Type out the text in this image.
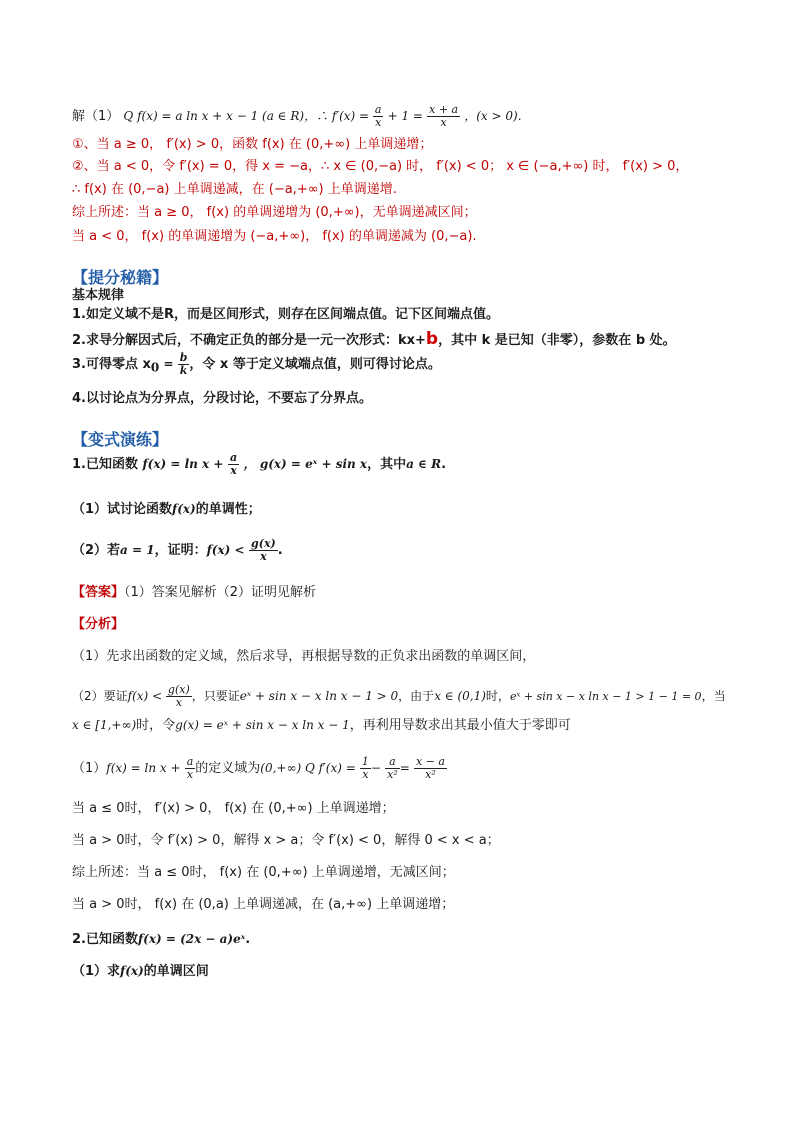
解（1） Q f(x) = a ln x + x − 1 (a ∈ R)，∴ $f'(x) = \frac{a}{x} + 1 = \frac{x + a}{x}$ ，(x > 0).
①、当 a ≥ 0， f′(x) > 0，函数 f(x) 在 (0,+∞) 上单调递增；
②、当 a < 0，令 f′(x) = 0，得 x = −a，∴ x ∈ (0,−a) 时， f′(x) < 0； x ∈ (−a,+∞) 时， f′(x) > 0，
∴ f(x) 在 (0,−a) 上单调递减，在 (−a,+∞) 上单调递增.
综上所述：当 a ≥ 0， f(x) 的单调递增为 (0,+∞)，无单调递减区间；
当 a < 0， f(x) 的单调递增为 (−a,+∞)， f(x) 的单调递减为 (0,−a).
【提分秘籍】
基本规律
1.如定义域不是R，而是区间形式，则存在区间端点值。记下区间端点值。
2.求导分解因式后，不确定正负的部分是一元一次形式：kx+b，其中 k 是已知（非零），参数在 b 处。
3.可得零点 $x_0 = \frac{b}{k}$ ，令 x 等于定义域端点值，则可得讨论点。
4.以讨论点为分界点，分段讨论，不要忘了分界点。
【变式演练】
1.已知函数 $f(x) = \ln x + \frac{a}{x}$ ， g(x) = eˣ + sin x，其中a ∈ R.
（1）试讨论函数f(x)的单调性；
（2）若a = 1，证明：$f(x) < \frac{g(x)}{x}$ .
【答案】（1）答案见解析（2）证明见解析
【分析】
（1）先求出函数的定义域，然后求导，再根据导数的正负求出函数的单调区间，
（2）要证$f(x) < \frac{g(x)}{x}$ ，只要证eˣ + sin x − x ln x − 1 > 0，由于x ∈ (0,1)时，eˣ + sin x − x ln x − 1 > 1 − 1 = 0，当
x ∈ [1,+∞)时，令g(x) = eˣ + sin x − x ln x − 1，再利用导数求出其最小值大于零即可
$(1)f(x) = \ln x + \frac{a}{x}$ 的定义域为(0,+∞) Q $f'(x) = \frac{1}{x} - \frac{a}{\text{x²}} = \frac{x - a}{\text{x²}}$
当 a ≤ 0时， f′(x) > 0， f(x) 在 (0,+∞) 上单调递增；
当 a > 0时，令 f′(x) > 0，解得 x > a；令 f′(x) < 0，解得 0 < x < a；
综上所述：当 a ≤ 0时， f(x) 在 (0,+∞) 上单调递增，无减区间；
当 a > 0时， f(x) 在 (0,a) 上单调递减，在 (a,+∞) 上单调递增；
2.已知函数f(x) = (2x − a)eˣ.
（1）求f(x)的单调区间
